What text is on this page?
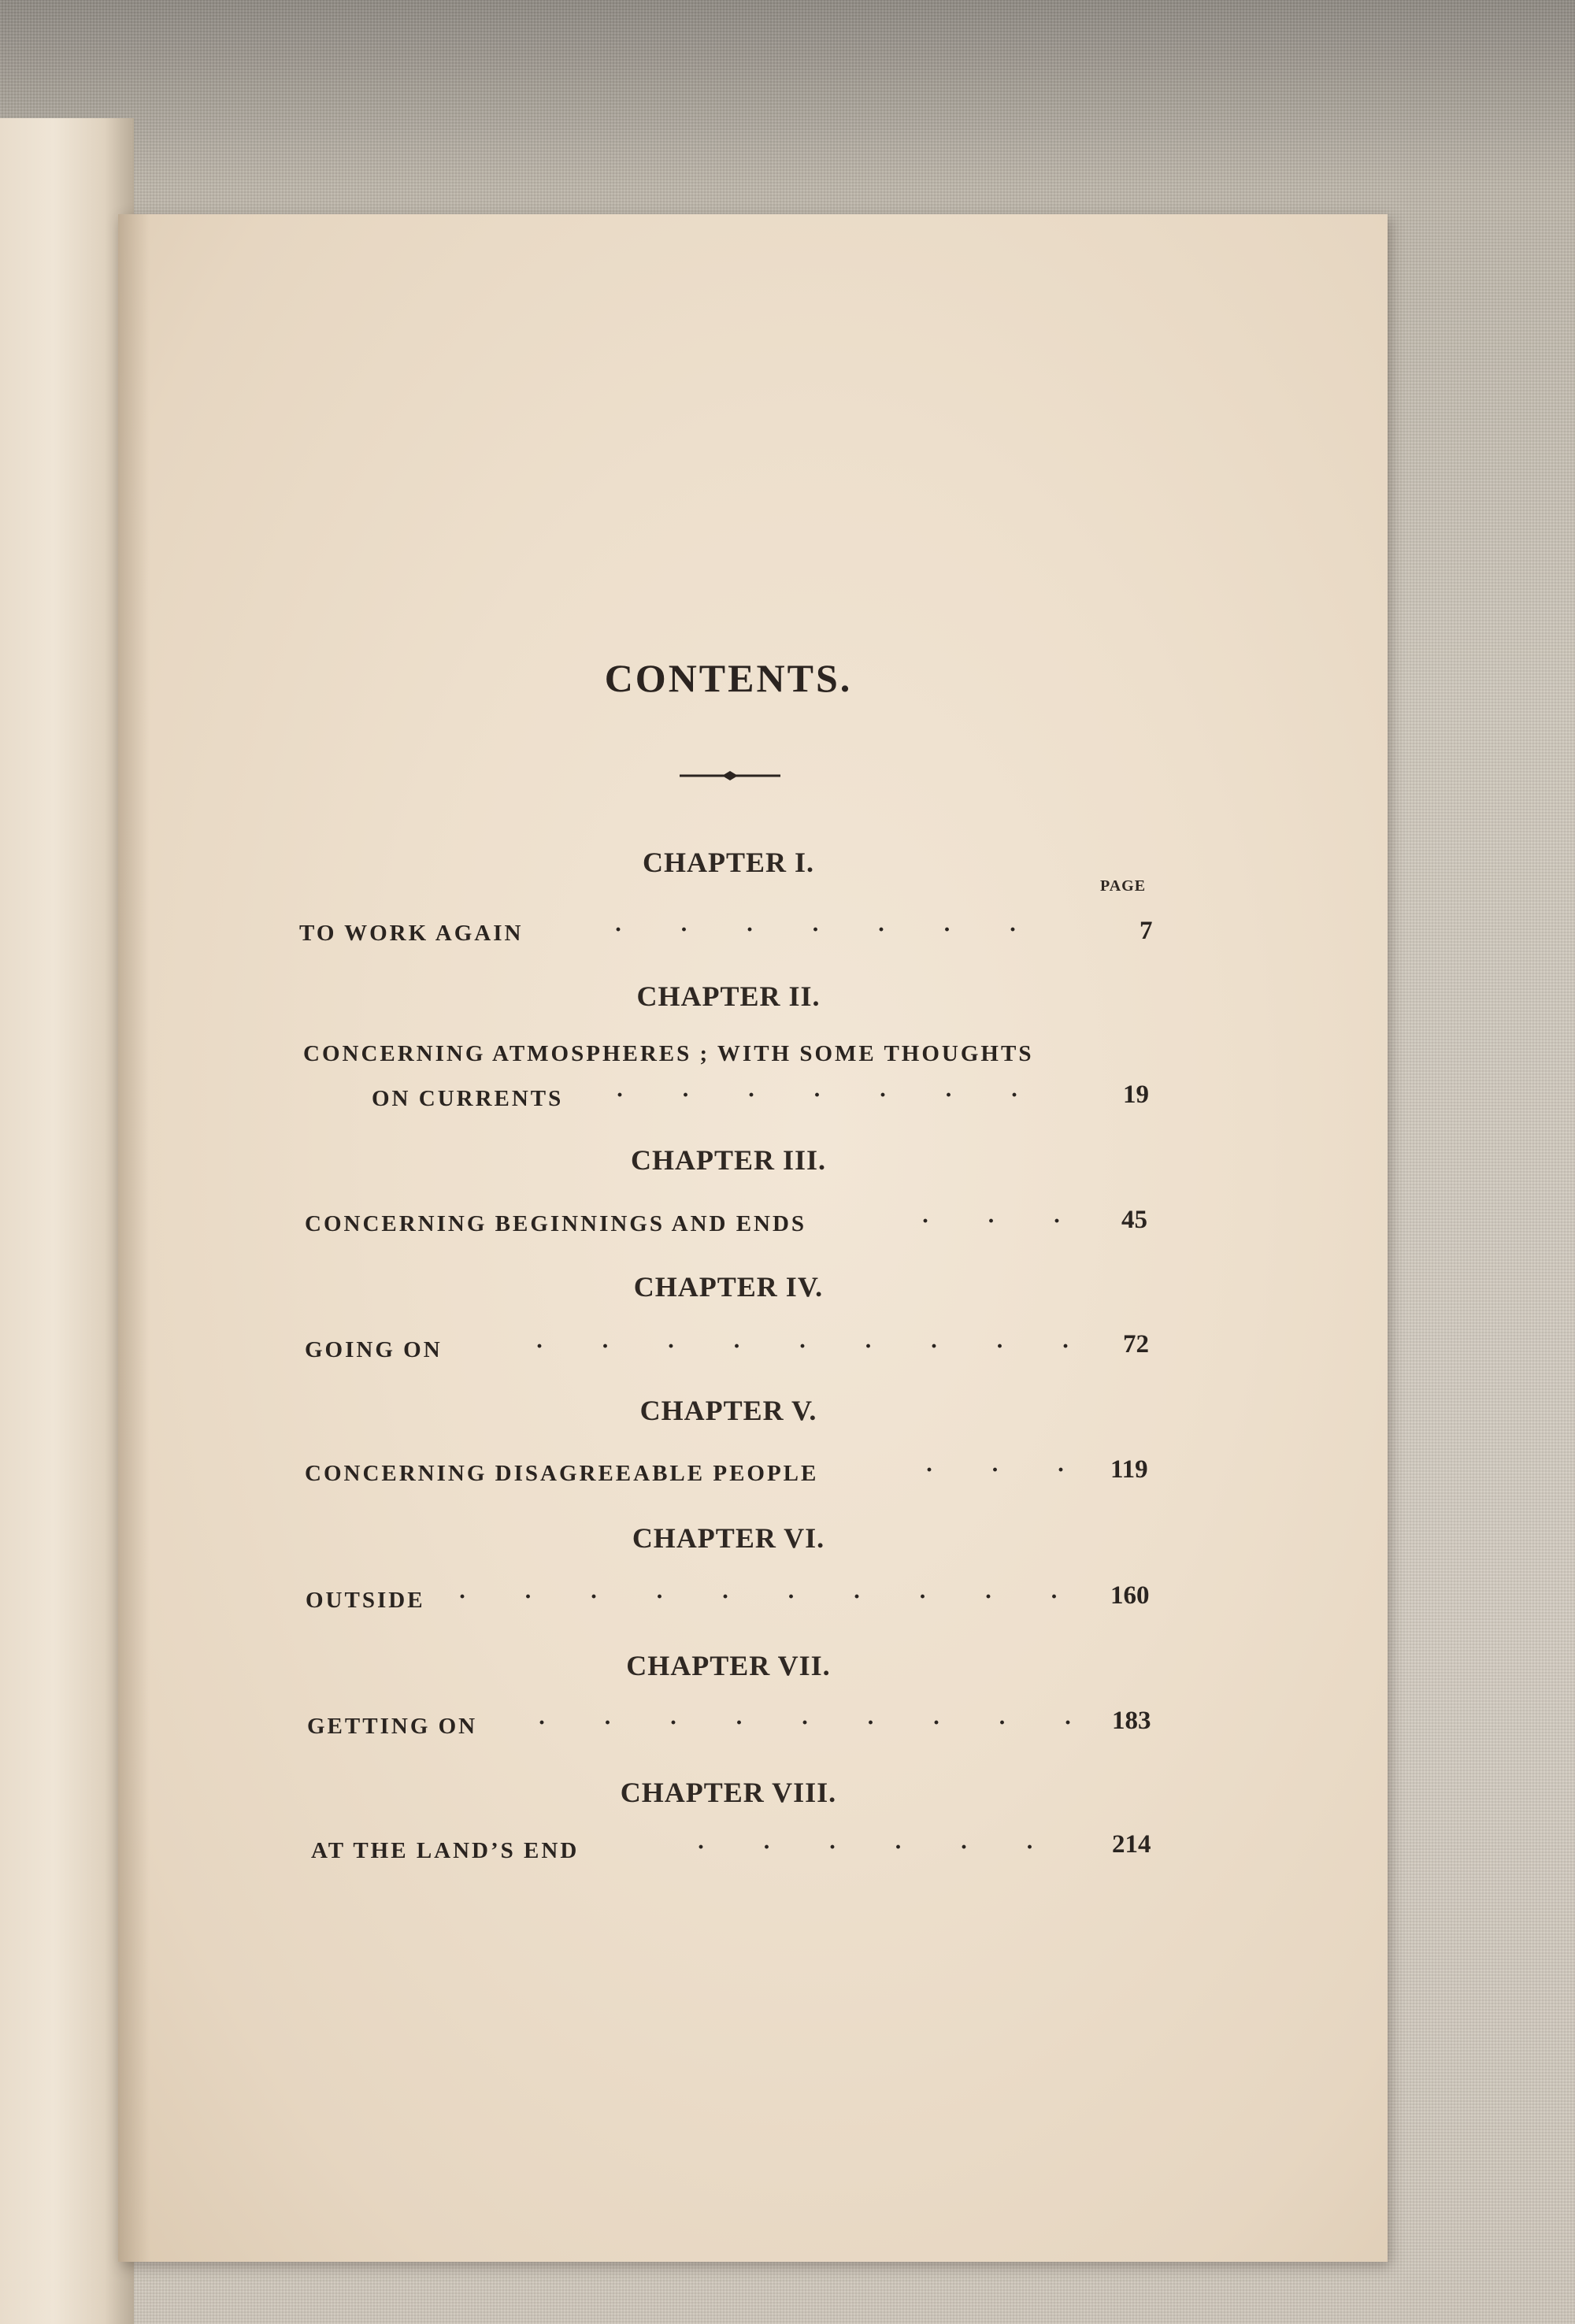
CONTENTS.
CHAPTER I.
PAGE
TO WORK AGAIN	· · · · · · ·	7
CHAPTER II.
CONCERNING ATMOSPHERES ; WITH SOME THOUGHTS
ON CURRENTS · · · · · · ·	19
CHAPTER III.
CONCERNING BEGINNINGS AND ENDS	· · · 45
CHAPTER IV.
GOING ON	· · · · · · · · · 72
CHAPTER V.
CONCERNING DISAGREEABLE PEOPLE	· · · 119
CHAPTER VI.
OUTSIDE · · · · · · · · · · 160
CHAPTER VII.
GETTING ON	· · · · · · · · · 183
CHAPTER VIII.
AT THE LAND’S END	· · · · · · 214
